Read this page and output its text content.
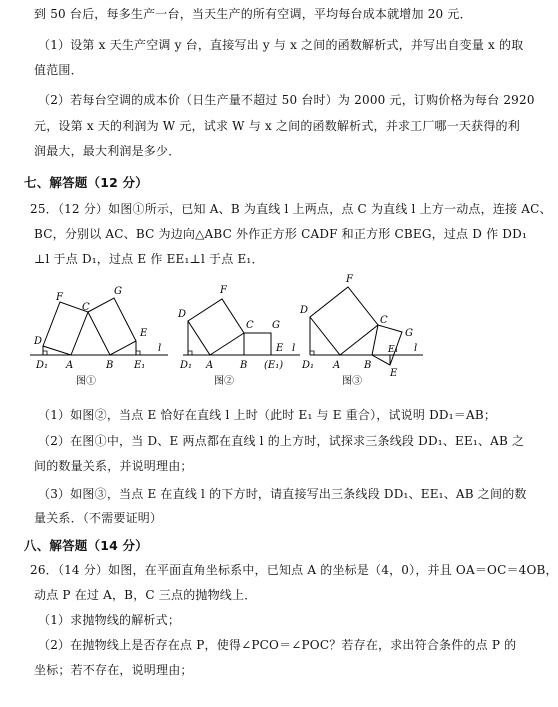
到 50 台后，每多生产一台，当天生产的所有空调，平均每台成本就增加 20 元．
（1）设第 x 天生产空调 y 台，直接写出 y 与 x 之间的函数解析式，并写出自变量 x 的取
值范围．
（2）若每台空调的成本价（日生产量不超过 50 台时）为 2000 元，订购价格为每台 2920
元，设第 x 天的利润为 W 元，试求 W 与 x 之间的函数解析式，并求工厂哪一天获得的利
润最大，最大利润是多少．
七、解答题（12 分）
25．（12 分）如图①所示，已知 A、B 为直线 l 上两点，点 C 为直线 l 上方一动点，连接 AC、
BC，分别以 AC、BC 为边向△ABC 外作正方形 CADF 和正方形 CBEG，过点 D 作 DD₁
⊥l 于点 D₁，过点 E 作 EE₁⊥l 于点 E₁．
F
C
G
D
E
D₁ A	B E₁
l
图①
F
D
C G
D₁ A	B
E
(E₁)
l
图②
F
D
C
G
D₁ A B
E₁
E
l
图③
（1）如图②，当点 E 恰好在直线 l 上时（此时 E₁ 与 E 重合），试说明 DD₁＝AB；
（2）在图①中，当 D、E 两点都在直线 l 的上方时，试探求三条线段 DD₁、EE₁、AB 之
间的数量关系，并说明理由；
（3）如图③，当点 E 在直线 l 的下方时，请直接写出三条线段 DD₁、EE₁、AB 之间的数
量关系．（不需要证明）
八、解答题（14 分）
26．（14 分）如图，在平面直角坐标系中，已知点 A 的坐标是（4，0），并且 OA＝OC＝4OB，
动点 P 在过 A，B，C 三点的抛物线上．
（1）求抛物线的解析式；
（2）在抛物线上是否存在点 P，使得∠PCO＝∠POC？若存在，求出符合条件的点 P 的
坐标；若不存在，说明理由；
